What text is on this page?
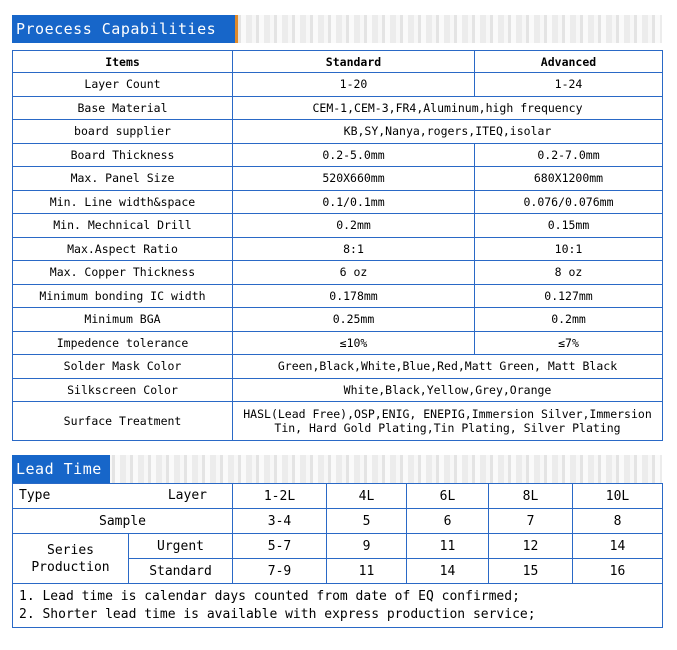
Proecess Capabilities
Items	Standard	Advanced
Layer Count	1-20	1-24
Base Material	CEM-1,CEM-3,FR4,Aluminum,high frequency	
board supplier	KB,SY,Nanya,rogers,ITEQ,isolar	
Board Thickness	0.2-5.0mm	0.2-7.0mm
Max. Panel Size	520X660mm	680X1200mm
Min. Line width&space	0.1/0.1mm	0.076/0.076mm
Min. Mechnical Drill	0.2mm	0.15mm
Max.Aspect Ratio	8:1	10:1
Max. Copper Thickness	6 oz	8 oz
Minimum bonding IC width	0.178mm	0.127mm
Minimum BGA	0.25mm	0.2mm
Impedence tolerance	≤10%	≤7%
Solder Mask Color	Green,Black,White,Blue,Red,Matt Green, Matt Black	
Silkscreen Color	White,Black,Yellow,Grey,Orange	
Surface Treatment	HASL(Lead Free),OSP,ENIG, ENEPIG,Immersion Silver,Immersion Tin, Hard Gold Plating,Tin Plating, Silver Plating	
Lead Time
Type Layer		1-2L	4L	6L	8L	10L
Sample		3-4	5	6	7	8
Series Production	Urgent	5-7	9	11	12	14
	Standard	7-9	11	14	15	16

1. Lead time is calendar days counted from date of EQ confirmed;
2. Shorter lead time is available with express production service;						
